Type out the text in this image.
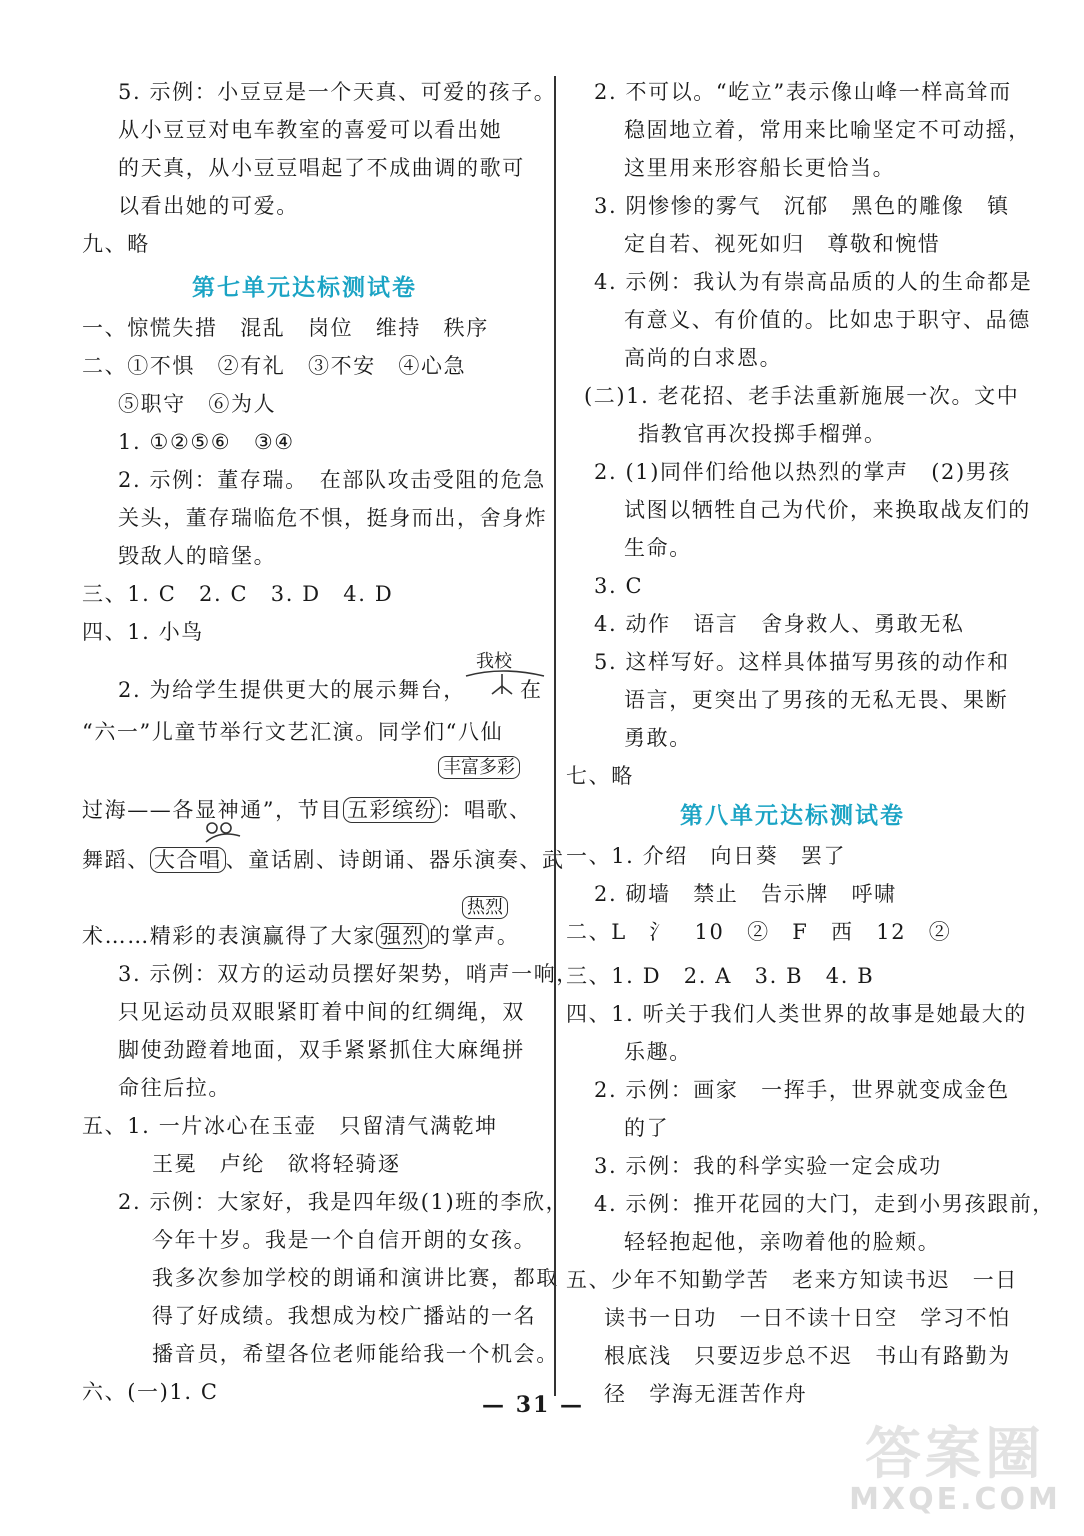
5. 示例：小豆豆是一个天真、可爱的孩子。
从小豆豆对电车教室的喜爱可以看出她
的天真，从小豆豆唱起了不成曲调的歌可
以看出她的可爱。
九、略
第七单元达标测试卷
一、惊慌失措　混乱　岗位　维持　秩序
二、①不惧　②有礼　③不安　④心急
⑤职守　⑥为人
1. ①②⑤⑥　③④
2. 示例：董存瑞。　在部队攻击受阻的危急
关头，董存瑞临危不惧，挺身而出，舍身炸
毁敌人的暗堡。
三、1. C　2. C　3. D　4. D
四、1. 小鸟
我校
2. 为给学生提供更大的展示舞台，	在
“六一”儿童节举行文艺汇演。同学们“八仙
丰富多彩
过海——各显神通”，节目 五彩缤纷 ：唱歌、
舞蹈、 大合唱 、童话剧、诗朗诵、器乐演奏、武
热烈
术……精彩的表演赢得了大家 强烈 的掌声。
3. 示例：双方的运动员摆好架势，哨声一响，
只见运动员双眼紧盯着中间的红绸绳，双
脚使劲蹬着地面，双手紧紧抓住大麻绳拼
命往后拉。
五、1. 一片冰心在玉壶　只留清气满乾坤
王冕　卢纶　欲将轻骑逐
2. 示例：大家好，我是四年级(1)班的李欣，
今年十岁。我是一个自信开朗的女孩。
我多次参加学校的朗诵和演讲比赛，都取
得了好成绩。我想成为校广播站的一名
播音员，希望各位老师能给我一个机会。
六、(一)1. C
2. 不可以。“屹立”表示像山峰一样高耸而
稳固地立着，常用来比喻坚定不可动摇，
这里用来形容船长更恰当。
3. 阴惨惨的雾气　沉郁　黑色的雕像　镇
定自若、视死如归　尊敬和惋惜
4. 示例：我认为有崇高品质的人的生命都是
有意义、有价值的。比如忠于职守、品德
高尚的白求恩。
(二)1. 老花招、老手法重新施展一次。文中
指教官再次投掷手榴弹。
2. (1)同伴们给他以热烈的掌声　(2)男孩
试图以牺牲自己为代价，来换取战友们的
生命。
3. C
4. 动作　语言　舍身救人、勇敢无私
5. 这样写好。这样具体描写男孩的动作和
语言，更突出了男孩的无私无畏、果断
勇敢。
七、略
第八单元达标测试卷
一、1. 介绍　向日葵　罢了
2. 砌墙　禁止　告示牌　呼啸
二、L　氵　10　②　F　西　12　②
三、1. D　2. A　3. B　4. B
四、1. 听关于我们人类世界的故事是她最大的
乐趣。
2. 示例：画家　一挥手，世界就变成金色
的了
3. 示例：我的科学实验一定会成功
4. 示例：推开花园的大门，走到小男孩跟前，
轻轻抱起他，亲吻着他的脸颊。
五、少年不知勤学苦　老来方知读书迟　一日
读书一日功　一日不读十日空　学习不怕
根底浅　只要迈步总不迟　书山有路勤为
径　学海无涯苦作舟
— 31 —
答案圈
MXQE.COM
